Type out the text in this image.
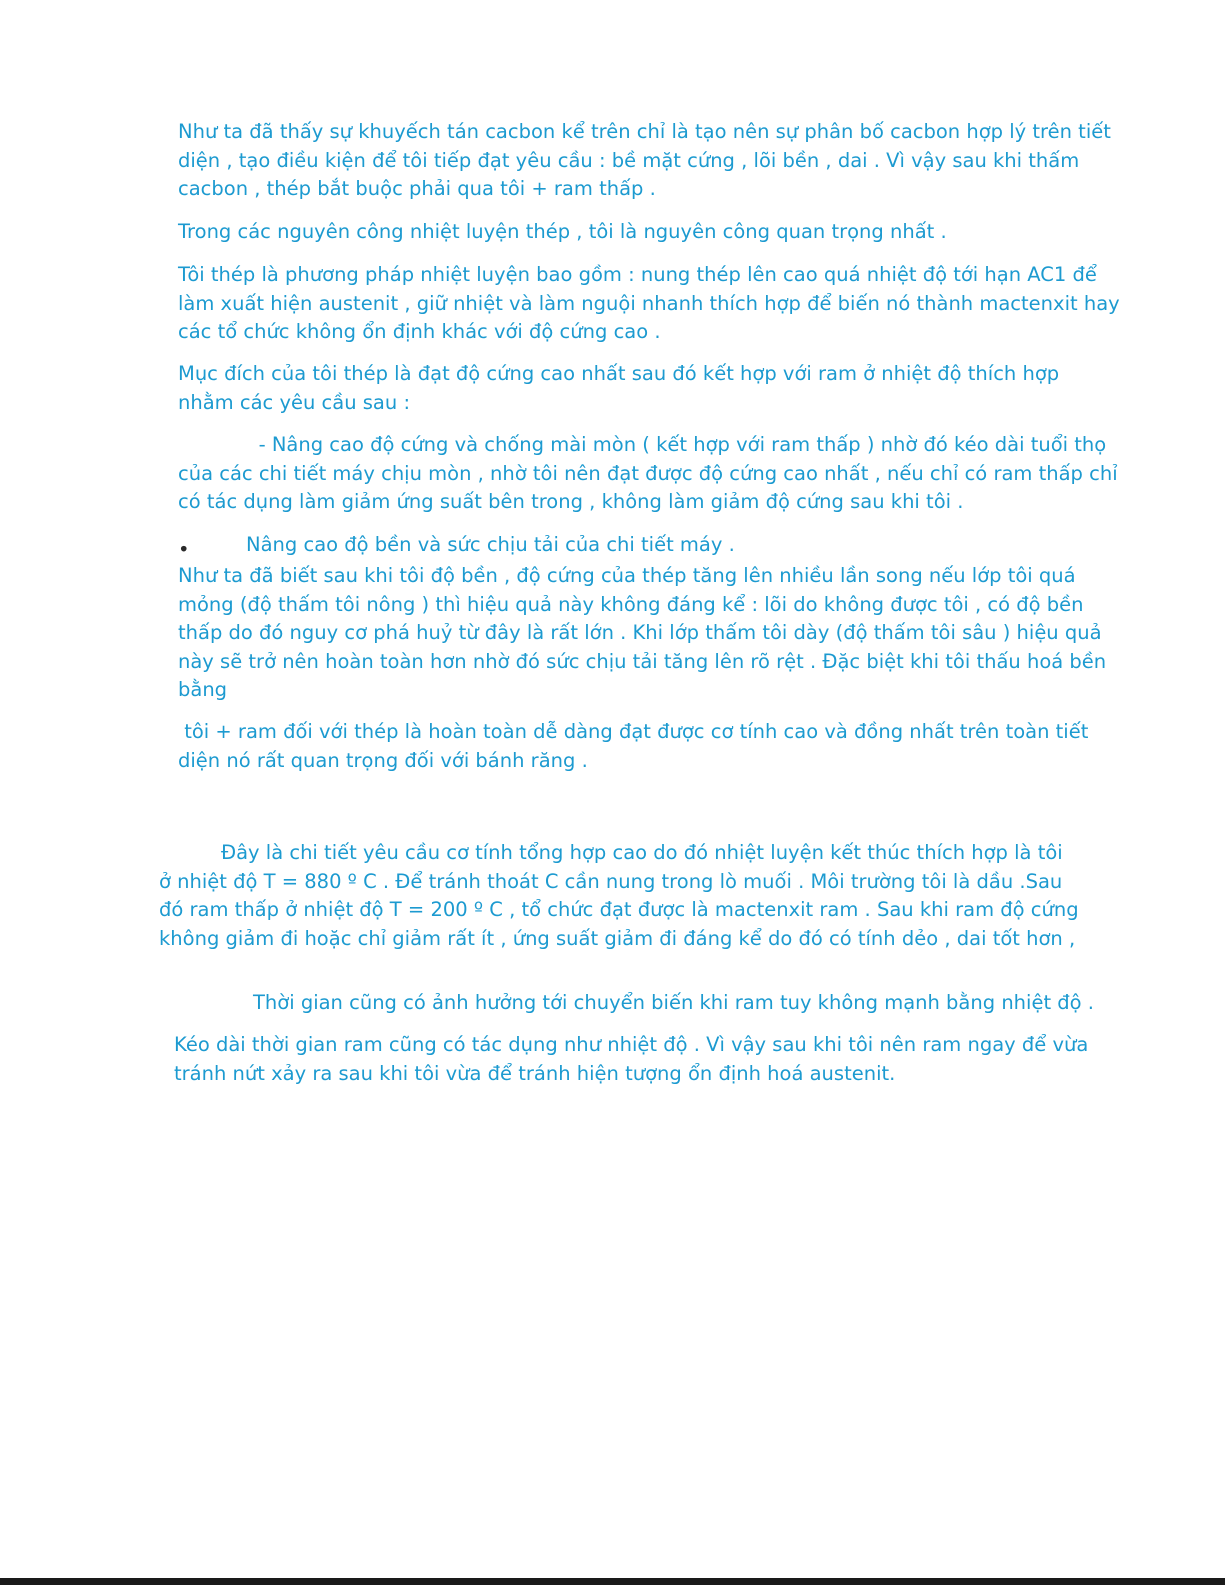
Như ta đã thấy sự khuyếch tán cacbon kể trên chỉ là tạo nên sự phân bố cacbon hợp lý trên tiết
diện , tạo điều kiện để tôi tiếp đạt yêu cầu : bề mặt cứng , lõi bền , dai . Vì vậy sau khi thấm
cacbon , thép bắt buộc phải qua tôi + ram thấp .

Trong các nguyên công nhiệt luyện thép , tôi là nguyên công quan trọng nhất .

Tôi thép là phương pháp nhiệt luyện bao gồm : nung thép lên cao quá nhiệt độ tới hạn AC1 để
làm xuất hiện austenit , giữ nhiệt và làm nguội nhanh thích hợp để biến nó thành mactenxit hay
các tổ chức không ổn định khác với độ cứng cao .

Mục đích của tôi thép là đạt độ cứng cao nhất sau đó kết hợp với ram ở nhiệt độ thích hợp
nhằm các yêu cầu sau :

- Nâng cao độ cứng và chống mài mòn ( kết hợp với ram thấp ) nhờ đó kéo dài tuổi thọ
của các chi tiết máy chịu mòn , nhờ tôi nên đạt được độ cứng cao nhất , nếu chỉ có ram thấp chỉ
có tác dụng làm giảm ứng suất bên trong , không làm giảm độ cứng sau khi tôi .

•	Nâng cao độ bền và sức chịu tải của chi tiết máy .

Như ta đã biết sau khi tôi độ bền , độ cứng của thép tăng lên nhiều lần song nếu lớp tôi quá
mỏng (độ thấm tôi nông ) thì hiệu quả này không đáng kể : lõi do không được tôi , có độ bền
thấp do đó nguy cơ phá huỷ từ đây là rất lớn . Khi lớp thấm tôi dày (độ thấm tôi sâu ) hiệu quả
này sẽ trở nên hoàn toàn hơn nhờ đó sức chịu tải tăng lên rõ rệt . Đặc biệt khi tôi thấu hoá bền
bằng

tôi + ram đối với thép là hoàn toàn dễ dàng đạt được cơ tính cao và đồng nhất trên toàn tiết
diện nó rất quan trọng đối với bánh răng .

Đây là chi tiết yêu cầu cơ tính tổng hợp cao do đó nhiệt luyện kết thúc thích hợp là tôi
ở nhiệt độ T = 880 º C . Để tránh thoát C cần nung trong lò muối . Môi trường tôi là dầu .Sau
đó ram thấp ở nhiệt độ T = 200 º C , tổ chức đạt được là mactenxit ram . Sau khi ram độ cứng
không giảm đi hoặc chỉ giảm rất ít , ứng suất giảm đi đáng kể do đó có tính dẻo , dai tốt hơn ,

Thời gian cũng có ảnh hưởng tới chuyển biến khi ram tuy không mạnh bằng nhiệt độ .

Kéo dài thời gian ram cũng có tác dụng như nhiệt độ . Vì vậy sau khi tôi nên ram ngay để vừa
tránh nứt xảy ra sau khi tôi vừa để tránh hiện tượng ổn định hoá austenit.
